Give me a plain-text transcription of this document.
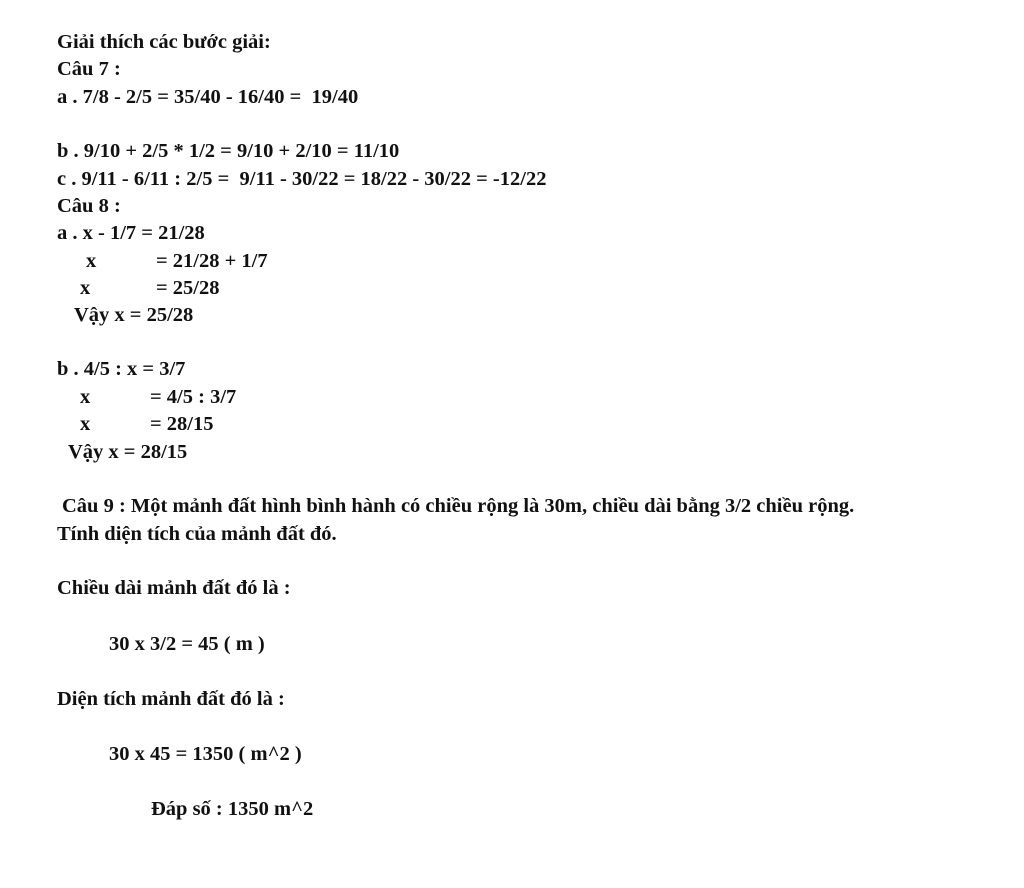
Giải thích các bước giải:

Câu 7 :

a . 7/8 - 2/5 = 35/40 - 16/40 =  19/40

b . 9/10 + 2/5 * 1/2 = 9/10 + 2/10 = 11/10

c . 9/11 - 6/11 : 2/5 =  9/11 - 30/22 = 18/22 - 30/22 = -12/22

Câu 8 :

a . x - 1/7 = 21/28

x	= 21/28 + 1/7

x	= 25/28

Vậy x = 25/28

b . 4/5 : x = 3/7

x	= 4/5 : 3/7

x	= 28/15

Vậy x = 28/15

Câu 9 : Một mảnh đất hình bình hành có chiều rộng là 30m, chiều dài bằng 3/2 chiều rộng.

Tính diện tích của mảnh đất đó.

Chiều dài mảnh đất đó là :

30 x 3/2 = 45 ( m )

Diện tích mảnh đất đó là :

30 x 45 = 1350 ( m^2 )

Đáp số : 1350 m^2
